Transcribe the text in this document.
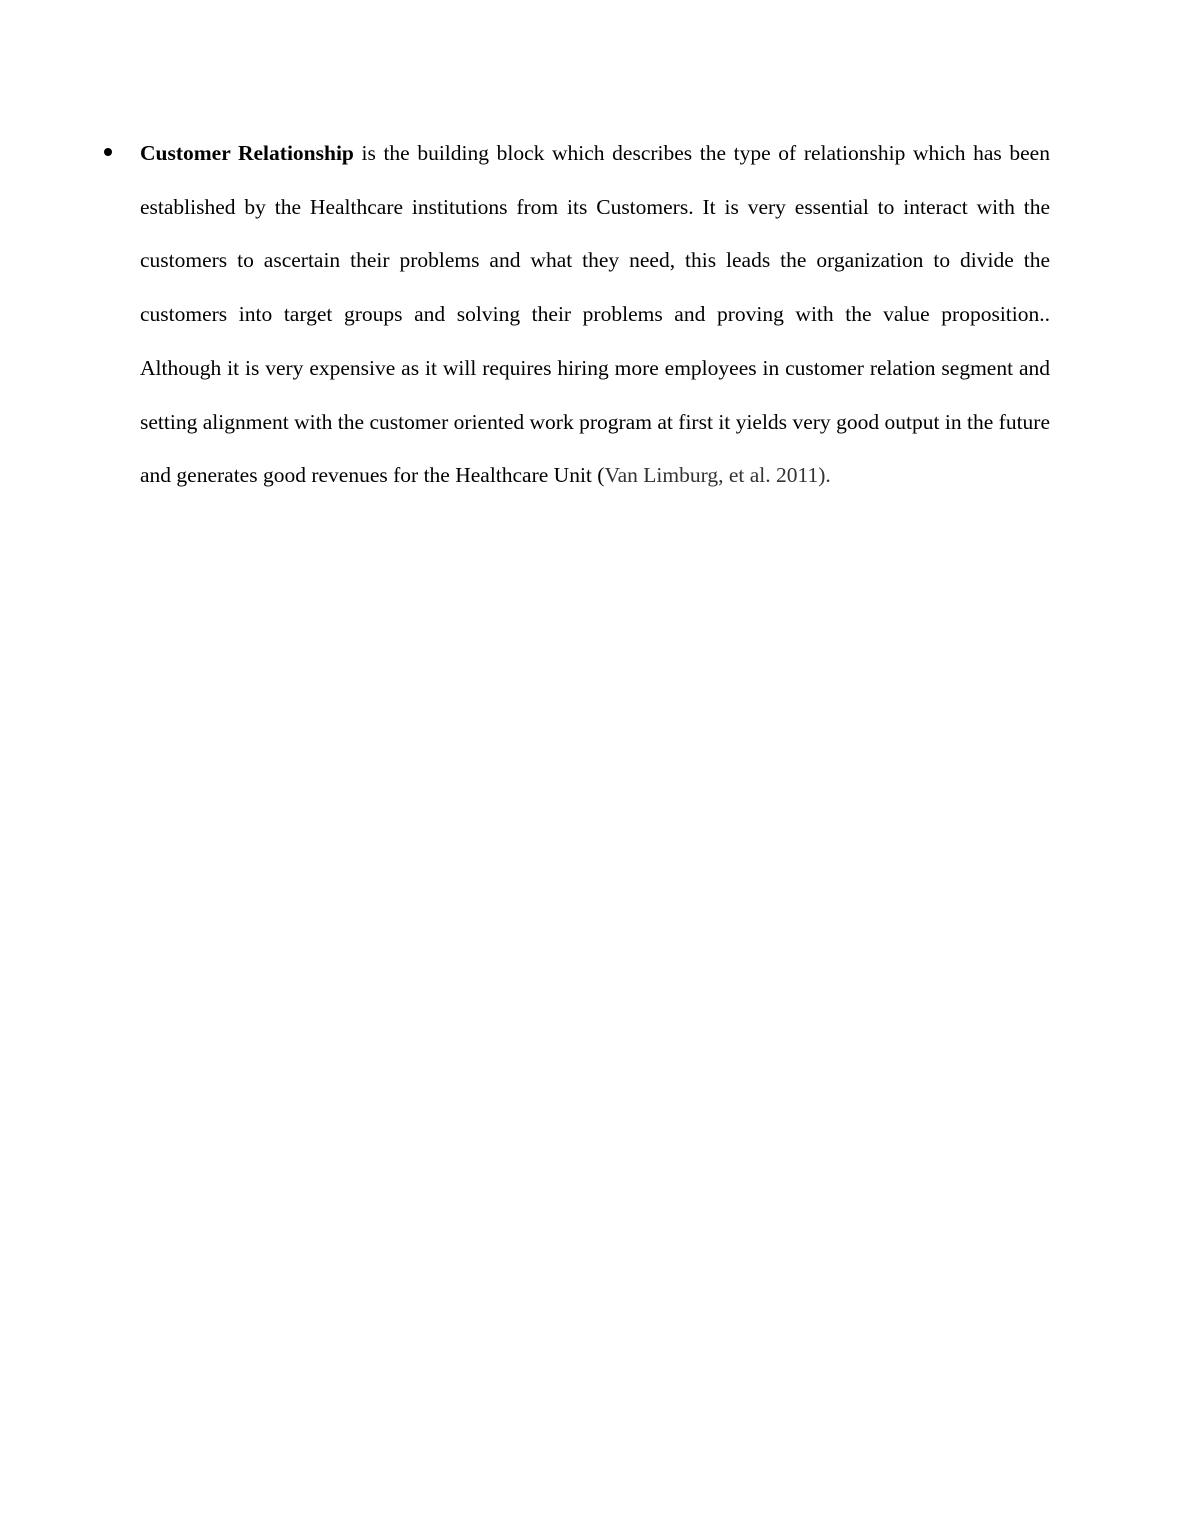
Customer Relationship is the building block which describes the type of relationship which has been established by the Healthcare institutions from its Customers. It is very essential to interact with the customers to ascertain their problems and what they need, this leads the organization to divide the customers into target groups and solving their problems and proving with the value proposition.. Although it is very expensive as it will requires hiring more employees in customer relation segment and setting alignment with the customer oriented work program at first it yields very good output in the future and generates good revenues for the Healthcare Unit (Van Limburg, et al. 2011).
